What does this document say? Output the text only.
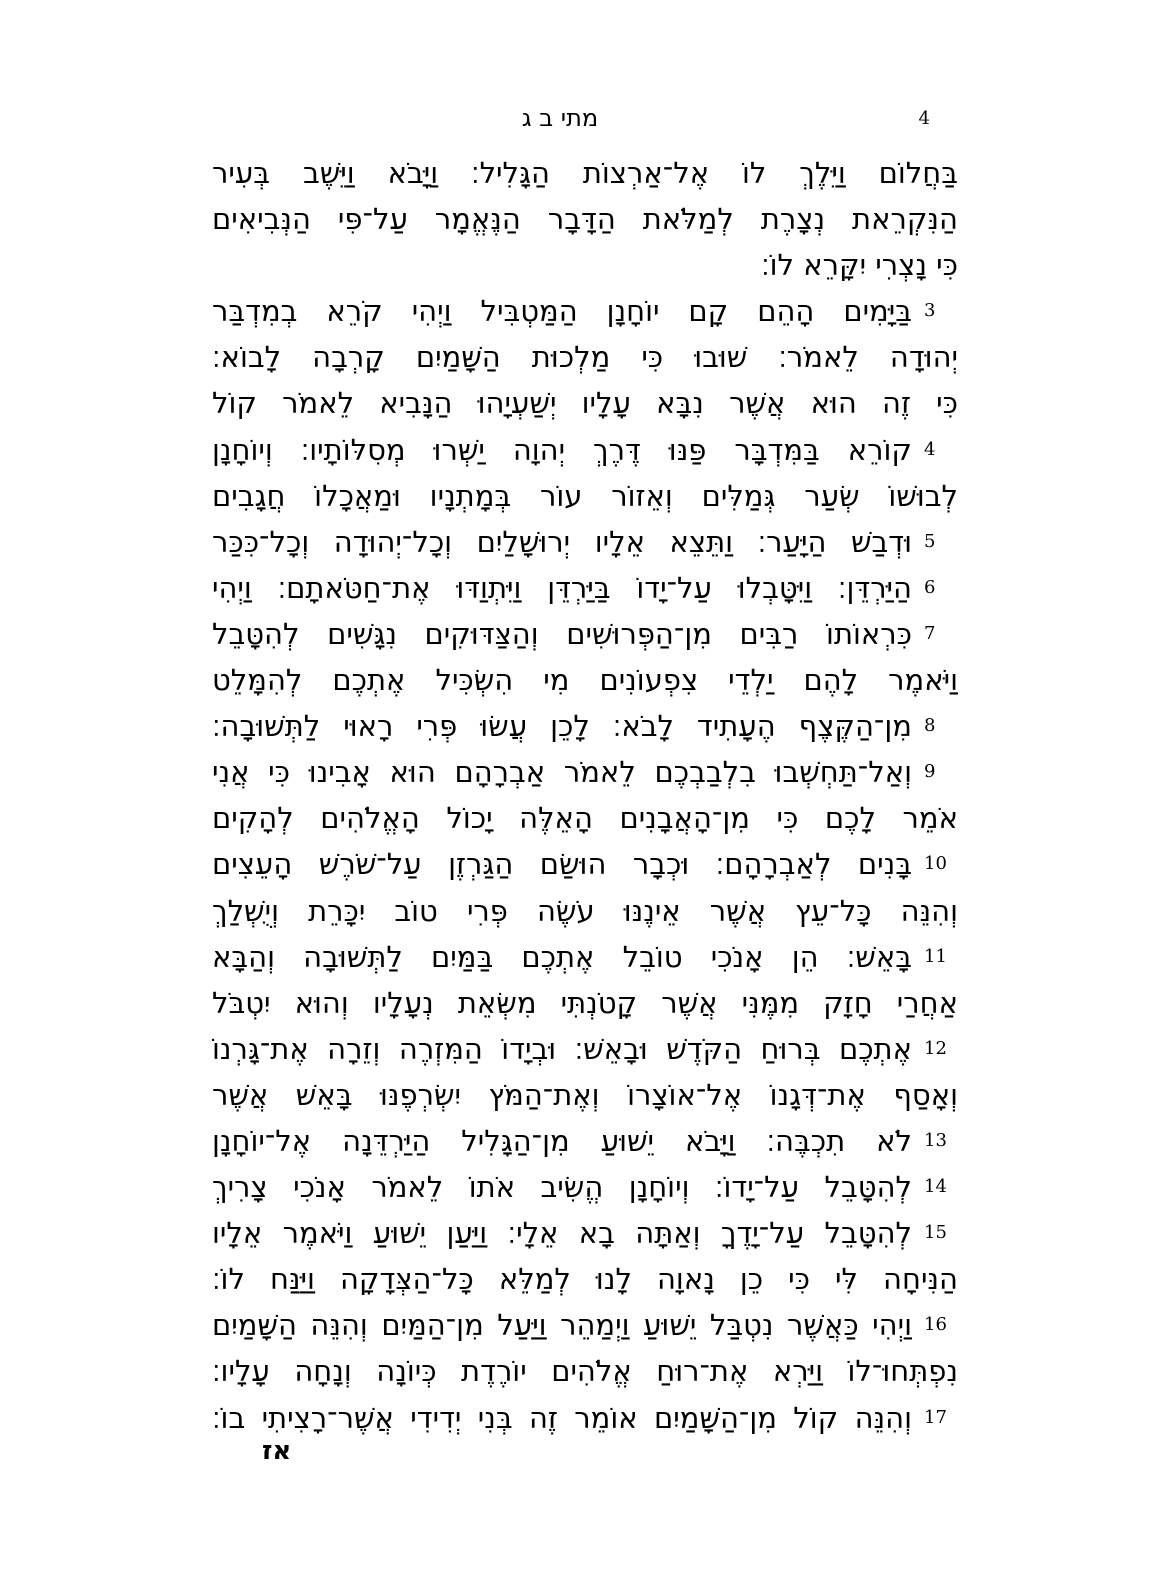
מתי ב ג	4
בַּחֲלוֹם וַיֵּלֶךְ לוֹ אֶל־אַרְצוֹת הַגָּלִיל׃ וַיָּבֹא וַיֵּשֶׁב בְּעִיר
הַנִּקְרֵאת נְצָרֶת לְמַלֹּאת הַדָּבָר הַנֶּאֱמָר עַל־פִּי הַנְּבִיאִים
כִּי נָצְרִי יִקָּרֵא לוֹ׃
בַּיָּמִים הָהֵם קָם יוֹחָנָן הַמַּטְבִּיל וַיְהִי קֹרֵא בְמִדְבַּר 3
יְהוּדָה לֵאמֹר׃ שׁוּבוּ כִּי מַלְכוּת הַשָּׁמַיִם קָרְבָה לָבוֹא׃
כִּי זֶה הוּא אֲשֶׁר נִבָּא עָלָיו יְשַׁעְיָהוּ הַנָּבִיא לֵאמֹר קוֹל
קוֹרֵא בַּמִּדְבָּר פַּנּוּ דֶּרֶךְ יְהוָה יַשְּׁרוּ מְסִלּוֹתָיו׃ וְיוֹחָנָן 4
לְבוּשׁוֹ שְׂעַר גְּמַלִּים וְאֵזוֹר עוֹר בְּמָתְנָיו וּמַאֲכָלוֹ חֲגָבִים
וּדְבַשׁ הַיָּעַר׃ וַתֵּצֵא אֵלָיו יְרוּשָׁלַיִם וְכָל־יְהוּדָה וְכָל־כִּכַּר 5
הַיַּרְדֵּן׃ וַיִּטָּבְלוּ עַל־יָדוֹ בַּיַּרְדֵּן וַיִּתְוַדּוּ אֶת־חַטֹּאתָם׃ וַיְהִי 6
כִּרְאוֹתוֹ רַבִּים מִן־הַפְּרוּשִׁים וְהַצַּדּוּקִים נִגָּשִׁים לְהִטָּבֵל 7
וַיֹּאמֶר לָהֶם יַלְדֵי צִפְעוֹנִים מִי הִשְׂכִּיל אֶתְכֶם לְהִמָּלֵט
מִן־הַקֶּצֶף הֶעָתִיד לָבֹא׃ לָכֵן עֲשׂוּ פְּרִי רָאוּי לַתְּשׁוּבָה׃ 8
וְאַל־תַּחְשְׁבוּ בִלְבַבְכֶם לֵאמֹר אַבְרָהָם הוּא אָבִינוּ כִּי אֲנִי 9
אֹמֵר לָכֶם כִּי מִן־הָאֲבָנִים הָאֵלֶּה יָכוֹל הָאֱלֹהִים לְהָקִים
בָּנִים לְאַבְרָהָם׃ וּכְבָר הוּשַׂם הַגַּרְזֶן עַל־שֹׁרֶשׁ הָעֵצִים 10
וְהִנֵּה כָּל־עֵץ אֲשֶׁר אֵינֶנּוּ עֹשֶׂה פְּרִי טוֹב יִכָּרֵת וְיֻשְׁלַךְ
בָּאֵשׁ׃ הֵן אָנֹכִי טוֹבֵל אֶתְכֶם בַּמַּיִם לַתְּשׁוּבָה וְהַבָּא 11
אַחֲרַי חָזָק מִמֶּנִּי אֲשֶׁר קָטֹנְתִּי מִשְּׂאֵת נְעָלָיו וְהוּא יִטְבֹּל
אֶתְכֶם בְּרוּחַ הַקֹּדֶשׁ וּבָאֵשׁ׃ וּבְיָדוֹ הַמִּזְרֶה וְזֵרָה אֶת־גָּרְנוֹ 12
וְאָסַף אֶת־דְּגָנוֹ אֶל־אוֹצָרוֹ וְאֶת־הַמֹּץ יִשְׂרְפֶנּוּ בָּאֵשׁ אֲשֶׁר
לֹא תִכְבֶּה׃ וַיָּבֹא יֵשׁוּעַ מִן־הַגָּלִיל הַיַּרְדֵּנָה אֶל־יוֹחָנָן 13
לְהִטָּבֵל עַל־יָדוֹ׃ וְיוֹחָנָן הֱשִׂיב אֹתוֹ לֵאמֹר אָנֹכִי צָרִיךְ 14
לְהִטָּבֵל עַל־יָדֶךָ וְאַתָּה בָא אֵלָי׃ וַיַּעַן יֵשׁוּעַ וַיֹּאמֶר אֵלָיו 15
הַנִּיחָה לִּי כִּי כֵן נָאוָה לָנוּ לְמַלֵּא כָּל־הַצְּדָקָה וַיַּנַּח לוֹ׃
וַיְהִי כַּאֲשֶׁר נִטְבַּל יֵשׁוּעַ וַיְמַהֵר וַיַּעַל מִן־הַמַּיִם וְהִנֵּה הַשָּׁמַיִם 16
נִפְתְּחוּ־לוֹ וַיַּרְא אֶת־רוּחַ אֱלֹהִים יוֹרֶדֶת כְּיוֹנָה וְנָחָה עָלָיו׃
וְהִנֵּה קוֹל מִן־הַשָּׁמַיִם אוֹמֵר זֶה בְּנִי יְדִידִי אֲשֶׁר־רָצִיתִי בוֹ׃ 17
אז
